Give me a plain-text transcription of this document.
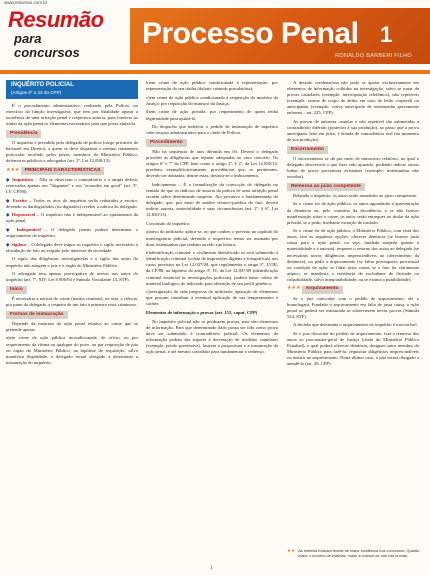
www.resumao.com.br
Resumão
para concursos
Processo Penal 1
RONALDO BARBERI FILHO
INQUÉRITO POLICIAL
(Artigos 4º a 23 do CPP)

É o procedimento administrativo, realizado pela Polícia, no exercício da função investigativa, que tem por finalidade apurar a existência de uma infração penal e respectiva autoria, para fornecer ao titular da ação penal os elementos necessários para que possa ajuizá-la.

Presidência

O inquérito é presidido pelo delegado de polícia (cargo privativo de bacharel em Direito), a quem se deve dispensar o mesmo tratamento protocolar recebido pelos juízes, membros do Ministério Público, defensores públicos e advogados (art. 3º, Lei 12.830/13).

★★★ PRINCIPAIS CARACTERÍSTICAS
◆ Inquisitivo – Não se observam o contraditório e a ampla defesa, reservados apenas aos "litigantes" e aos "acusados em geral" (art. 5º, LV, CF/88).
◆ Escrito – Todos os atos do inquérito serão reduzidos a escrito, devendo os datilografados (ou digitados) receber a rubrica do delegado.
◆ Dispensável – O inquérito não é indispensável ao ajuizamento da ação penal.
◆ Indisponível – O delegado jamais poderá determinar o arquivamento do inquérito.
◆ Sigiloso – O delegado deve impor ao inquérito o sigilo necessário à elucidação do fato ou exigido pelo interesse da sociedade.

O sigilo das diligências investigatórias e o sigilo dos autos do inquérito não atingem o juiz e o órgão do Ministério Público.

O advogado tem apenas prerrogativa de acesso aos autos do inquérito (art. 7º, XIV, Lei 8.906/94 e Súmula Vinculante 14, STF).

Início

É necessária a notícia do crime (notitia criminis), ou seja, a ciência, por parte do delegado, a respeito de um fato à primeira vista criminoso.

Formas de instauração

Depende da natureza da ação penal relativa ao crime que se pretende apurar:

a)em crime de ação pública incondicionada: de ofício, ou por requerimento da vítima ou qualquer do povo, ou por requisição de juiz ou órgão do Ministério Público; na hipótese de requisição, salvo manifesta ilegalidade, o delegado estará obrigado a determinar a instauração do inquérito;

b)em crime de ação pública condicionada à representação: por representação do seu titular (delatio criminis postulatória);

c)em crime de ação pública condicionada à requisição do ministro da Justiça: por requisição do ministro da Justiça;

d)em crime de ação privada: por requerimento de quem tenha legitimidade para ajuizá-la.

Do despacho que indeferir o pedido de instauração de inquérito cabe recurso administrativo para o chefe de Polícia.

Procedimento

Não há sequência de atos definida em lei. Deverá o delegado proceder às diligências que reputar adequadas ao caso concreto. Os artigos 6º e 7º do CPP, bem como o artigo 2º, § 2º, da Lei 12.830/13, prevêem, exemplificativamente, providências que, se pertinentes, deverão ser adotadas; dentre estas, destaca-se o indiciamento.

Indiciamento – É a formalização da convicção do delegado no sentido de que os indícios de autoria da prática de uma infração penal recaem sobre determinado suspeito. Ato privativo e fundamentado do delegado, que, por meio de análise técnico-jurídica do fato, deverá indicar autoria, materialidade e suas circunstâncias (art. 2º, § 6º, Lei 12.830/13).

Conclusão do inquérito:

a)ativo do indiciado: aplica-se, no que couber, o previsto no capítulo do interrogatório judicial, devendo o respectivo termo ser assinado por duas testemunhas que tenham ouvido sua leitura;

b)identificação criminal: o civilmente identificado só será submetido à identificação criminal (coleta de impressões digitais e fotográficas) nos casos previstos na Lei 12.037/09, que regulamenta o artigo 5º, LVIII, da CF/88; na hipótese do artigo 3º, IV, da Lei 12.037/09 (identificação criminal essencial às investigações policiais), poderá haver coleta de material biológico do indiciado para obtenção de seu perfil genético;

c)averiguação da vida pregressa do indiciado: apuração de elementos que possam contribuir à eventual aplicação de sua temperamento e caráter.

Elementos de informação x provas (art. 155, caput, CPP)

No inquérito policial não se produzem provas, mas sim elementos de informação. Para que determinado dado possa ser tido como prova deve ser submetido à contraditório judicial. Os elementos de informação podem dar suporte à decretação de medidas cautelares (exemplo: prisão preventiva), lastrear a propositura e a instauração da ação penal, e até mesmo contribuir para fundamentar a sentença.

A decisão condenatória não pode se apoiar exclusivamente em elementos de informação colhidos na investigação, salvo se tratar de provas cautelares (exemplo: interceptação telefônica), não repetíveis (exemplo: exame de corpo de delito em caso de lesão corporal) ou antecipadas (exemplo: oitiva antecipada de testemunha gravemente enferma – art. 225, CPP).

As provas de natureza cautelar e não repetível são submetidas a contraditório diferido (posterior à sua produção), ao passo que a prova antecipada, feita em juízo, é dotada de contraditório real (no momento de sua produção).

Encerramento

O encerramento se dá por meio de minucioso relatório, no qual o delegado descreverá o que fizer sido apurado, podendo indicar outras linhas de prova porventura existentes (exemplo: testemunhas não ouvidas).

Remessa ao juízo competente

Relatado o inquérito, os autos serão remetidos ao juízo competente.

Se o crime for de ação pública, os autos aguardarão a apresentação da denúncia ou, pelo contrário da decadência, e se não houver manifestação sobre o crime, os autos serão entregues ao titular da ação privada, se o pedir, mediante extração de traslado.

Se o crime for de ação pública, o Ministério Público, com vista dos autos, terá as seguintes opções: oferecer denúncia (se houver justa causa para a ação penal, ou seja, fundada suspeita quanto à materialidade e à autoria); requerer o retorno dos autos ao delegado (se necessárias novas diligências imprescindíveis ao oferecimento da denúncia); ou pedir o arquivamento (se faltar pressuposto processual ou condição da ação; se faltar justa causa; se o fato for claramente atípico, se manifesta a existência de excludente de ilicitude ou culpabilidade, salvo inimputabilidade; ou se extinta a punibilidade).

★★★ Arquivamento

Se o juiz concordar com o pedido de arquivamento, ele o homologará. Fundado o arquivamento em falta de justa causa, a ação penal só poderá ser instaurada se sobrevierem novas provas (Súmula 524, STF).

A decisão que determina o arquivamento do inquérito é irrecorrível.

Se o juiz discordar do pedido de arquivamento, fará a remessa dos autos ao procurador-geral de Justiça (chefe do Ministério Público Estadual), o qual poderá oferecer denúncia, designar outro membro do Ministério Público para fazê-lo, requisitar diligências imprescindíveis ou insistir no arquivamento. Neste último caso, o juiz estará obrigado a atendê-lo (art. 28, CPP).

★★ As estrelas indicam temas de maior incidência nos concursos. Quanto maior o número de estrelas, maior a chance de cair nas provas.
1
